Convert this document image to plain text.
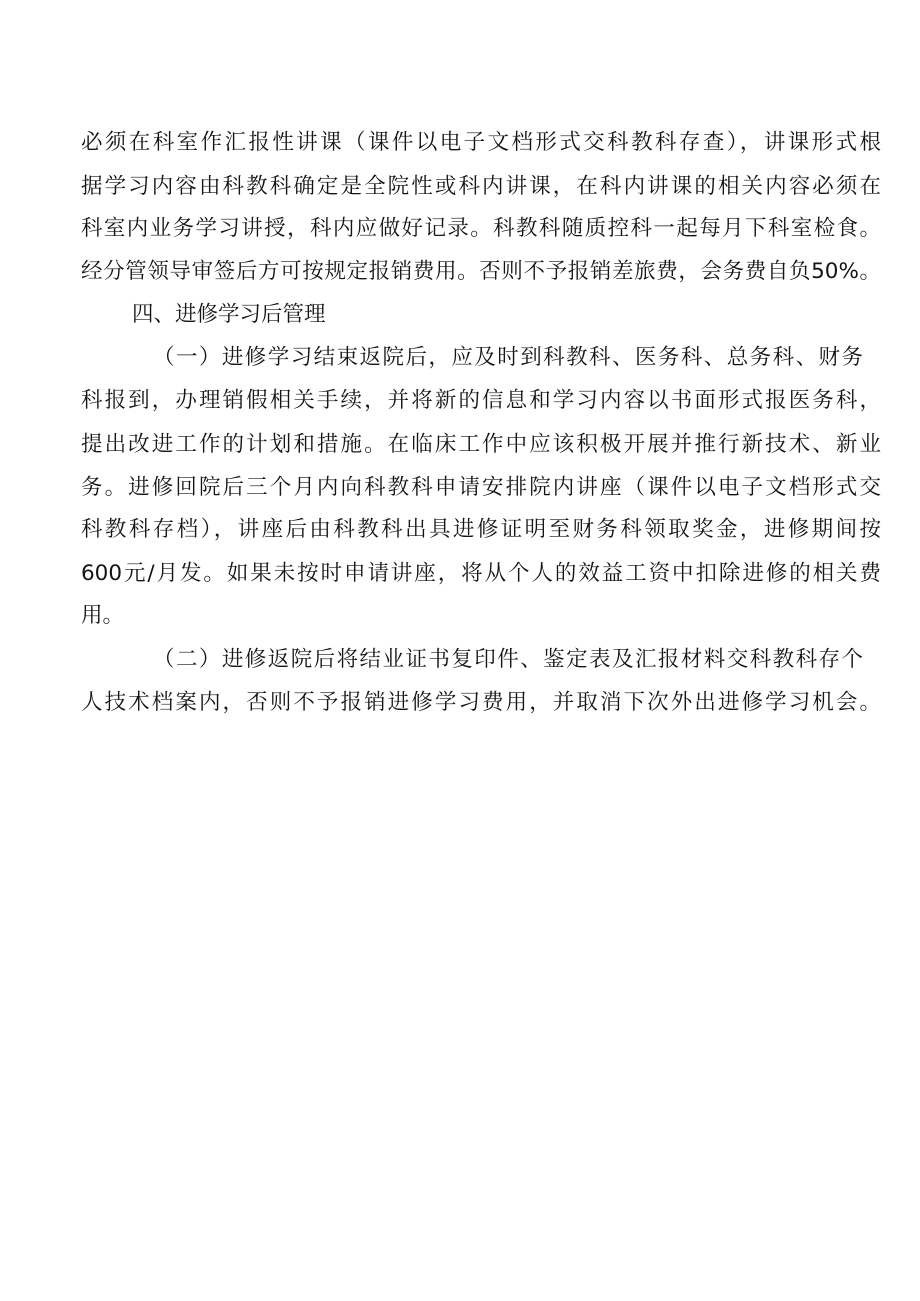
必须在科室作汇报性讲课（课件以电子文档形式交科教科存查），讲课形式根
据学习内容由科教科确定是全院性或科内讲课，在科内讲课的相关内容必须在
科室内业务学习讲授，科内应做好记录。科教科随质控科一起每月下科室检食。
经分管领导审签后方可按规定报销费用。否则不予报销差旅费，会务费自负50%。
四、进修学习后管理
（一）进修学习结束返院后，应及时到科教科、医务科、总务科、财务
科报到，办理销假相关手续，并将新的信息和学习内容以书面形式报医务科，
提出改进工作的计划和措施。在临床工作中应该积极开展并推行新技术、新业
务。进修回院后三个月内向科教科申请安排院内讲座（课件以电子文档形式交
科教科存档），讲座后由科教科出具进修证明至财务科领取奖金，进修期间按
600元/月发。如果未按时申请讲座，将从个人的效益工资中扣除进修的相关费
用。
（二）进修返院后将结业证书复印件、鉴定表及汇报材料交科教科存个
人技术档案内，否则不予报销进修学习费用，并取消下次外出进修学习机会。
